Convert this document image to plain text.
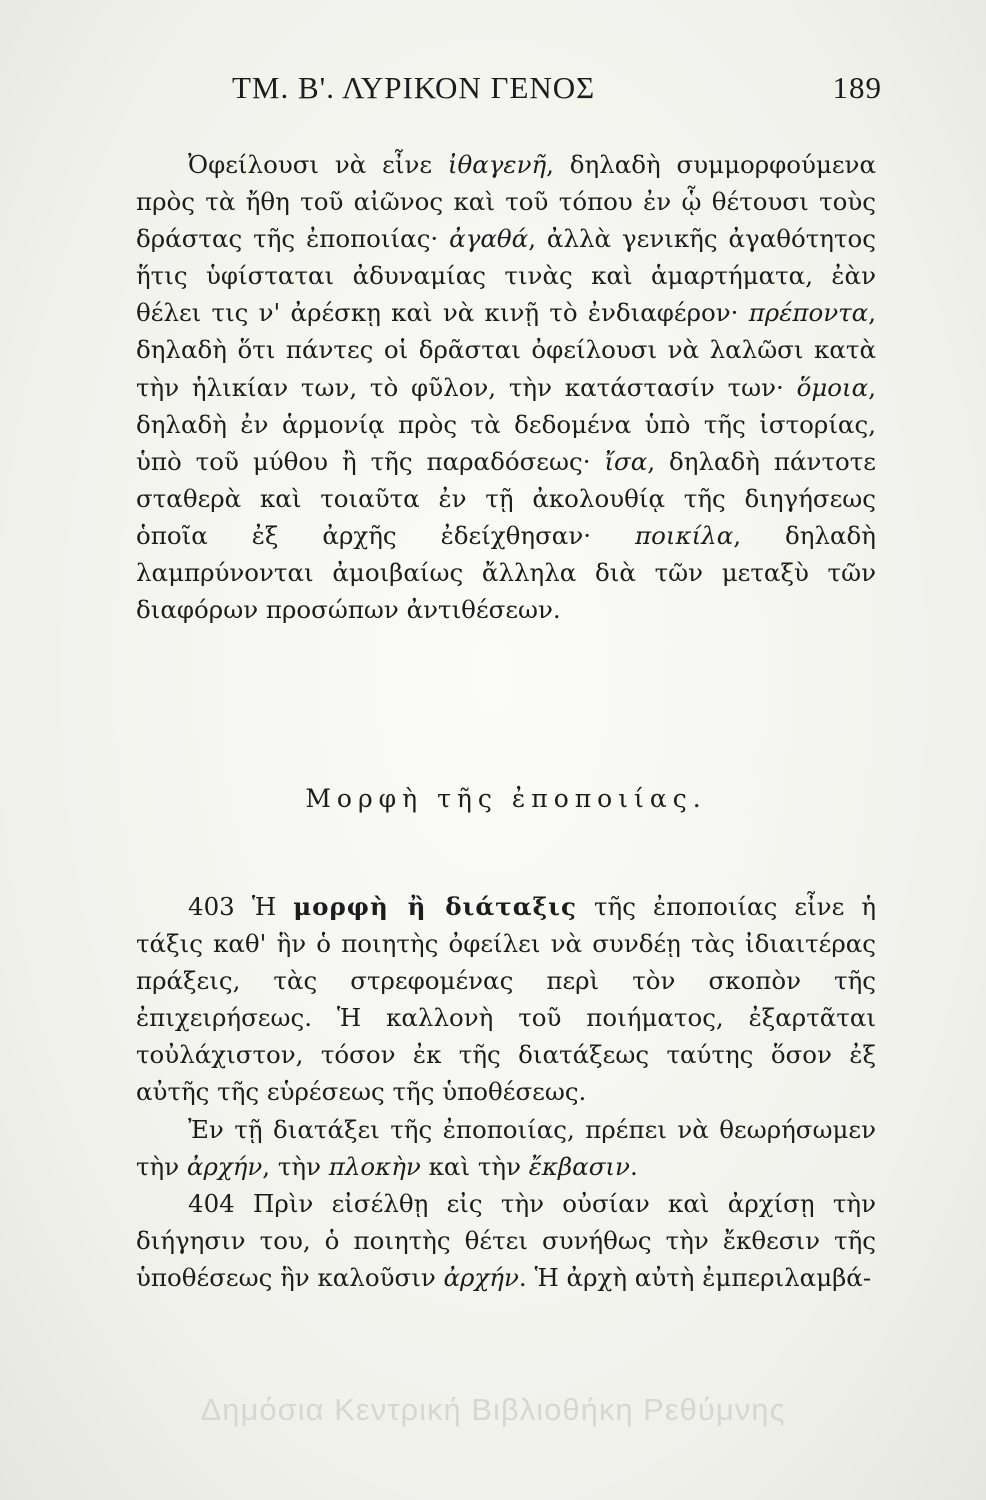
ΤΜ. Β'. ΛΥΡΙΚΟΝ ΓΕΝΟΣ	189

Ὀφείλουσι νὰ εἶνε ἰθαγενῆ, δηλαδὴ συμμορφούμενα πρὸς τὰ ἤθη τοῦ αἰῶνος καὶ τοῦ τόπου ἐν ᾧ θέτουσι τοὺς δράστας τῆς ἐποποιίας· ἀγαθά, ἀλλὰ γενικῆς ἀγαθότητος ἥτις ὑφίσταται ἀδυναμίας τινὰς καὶ ἁμαρτήματα, ἐὰν θέλει τις ν' ἀρέσκῃ καὶ νὰ κινῇ τὸ ἐνδιαφέρον· πρέποντα, δηλαδὴ ὅτι πάντες οἱ δρᾶσται ὀφείλουσι νὰ λαλῶσι κατὰ τὴν ἡλικίαν των, τὸ φῦλον, τὴν κατάστασίν των· ὅμοια, δηλαδὴ ἐν ἁρμονίᾳ πρὸς τὰ δεδομένα ὑπὸ τῆς ἱστορίας, ὑπὸ τοῦ μύθου ἢ τῆς παραδόσεως· ἴσα, δηλαδὴ πάντοτε σταθερὰ καὶ τοιαῦτα ἐν τῇ ἀκολουθίᾳ τῆς διηγήσεως ὁποῖα ἐξ ἀρχῆς ἐδείχθησαν· ποικίλα, δηλαδὴ λαμπρύνονται ἀμοιβαίως ἄλληλα διὰ τῶν μεταξὺ τῶν διαφόρων προσώπων ἀντιθέσεων.

Μορφὴ τῆς ἐποποιίας.

403 Ἡ μορφὴ ἢ διάταξις τῆς ἐποποιίας εἶνε ἡ τάξις καθ' ἣν ὁ ποιητὴς ὀφείλει νὰ συνδέῃ τὰς ἰδιαιτέρας πράξεις, τὰς στρεφομένας περὶ τὸν σκοπὸν τῆς ἐπιχειρήσεως. Ἡ καλλονὴ τοῦ ποιήματος, ἐξαρτᾶται τοὐλάχιστον, τόσον ἐκ τῆς διατάξεως ταύτης ὅσον ἐξ αὐτῆς τῆς εὑρέσεως τῆς ὑποθέσεως.

Ἐν τῇ διατάξει τῆς ἐποποιίας, πρέπει νὰ θεωρήσωμεν τὴν ἀρχήν, τὴν πλοκὴν καὶ τὴν ἔκβασιν.

404 Πρὶν εἰσέλθῃ εἰς τὴν οὐσίαν καὶ ἀρχίσῃ τὴν διήγησιν του, ὁ ποιητὴς θέτει συνήθως τὴν ἔκθεσιν τῆς ὑποθέσεως ἣν καλοῦσιν ἀρχήν. Ἡ ἀρχὴ αὐτὴ ἐμπεριλαμβά-

Δημόσια Κεντρική Βιβλιοθήκη Ρεθύμνης
